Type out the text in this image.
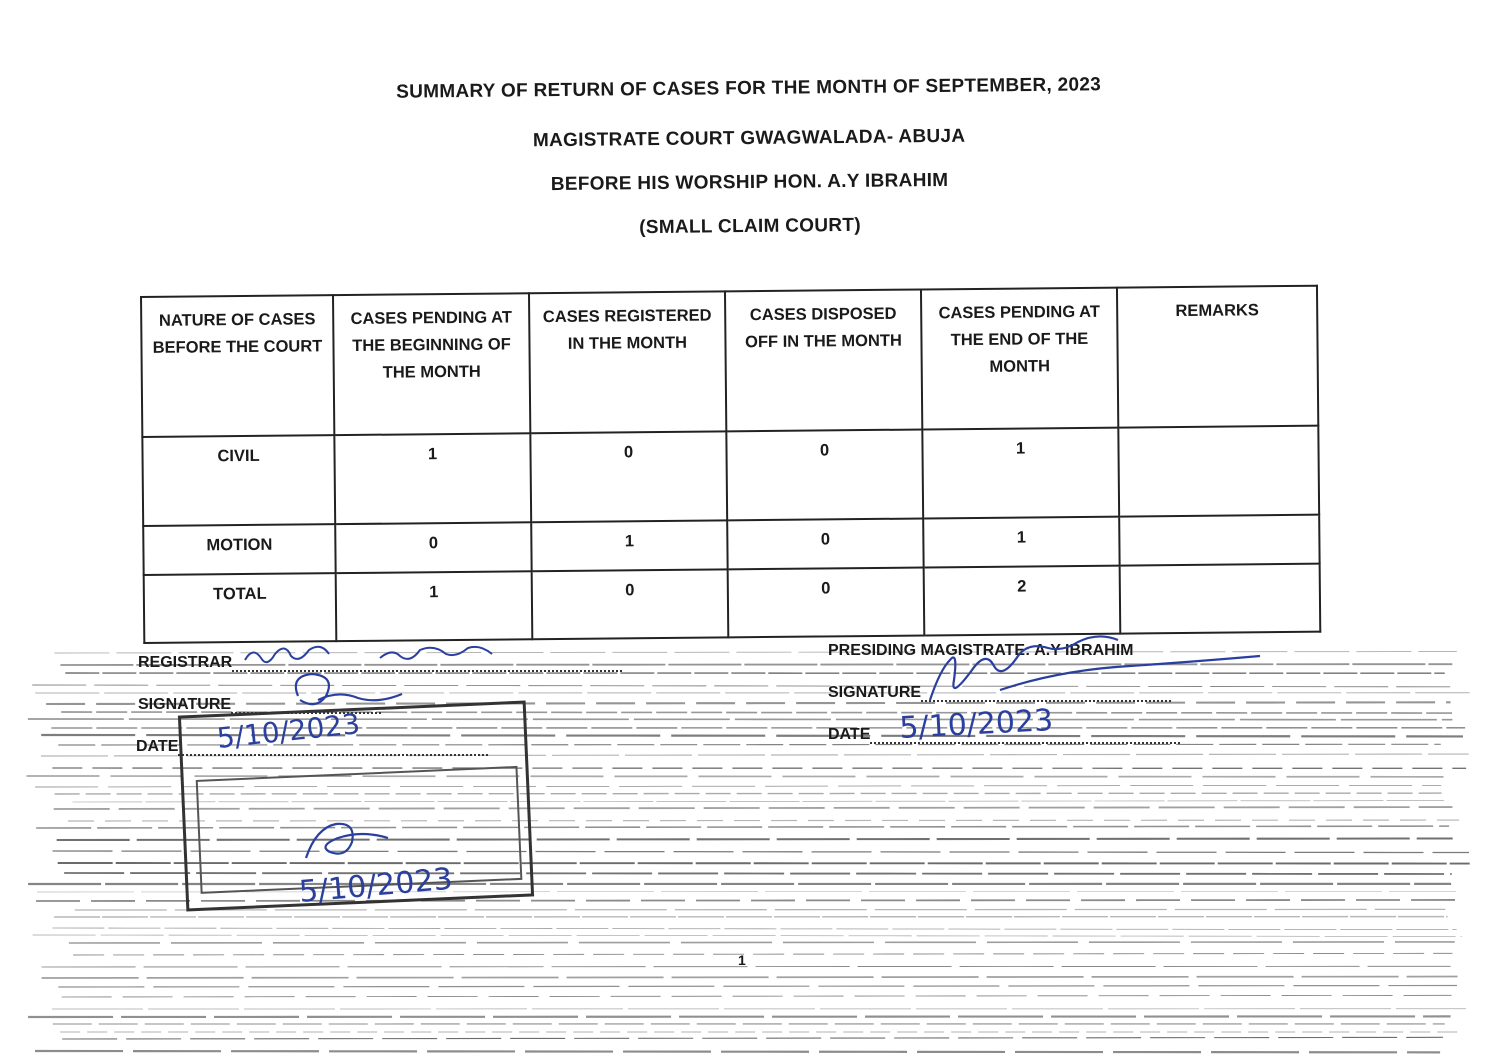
SUMMARY OF RETURN OF CASES FOR THE MONTH OF SEPTEMBER, 2023
MAGISTRATE COURT GWAGWALADA- ABUJA
BEFORE HIS WORSHIP HON. A.Y IBRAHIM
(SMALL CLAIM COURT)
NATURE OF CASES BEFORE THE COURT	CASES PENDING AT THE BEGINNING OF THE MONTH	CASES REGISTERED IN THE MONTH	CASES DISPOSED OFF IN THE MONTH	CASES PENDING AT THE END OF THE MONTH	REMARKS
CIVIL	1	0	0	1	
MOTION	0	1	0	1	
TOTAL	1	0	0	2	
REGISTRAR
SIGNATURE
DATE
PRESIDING MAGISTRATE: A.Y IBRAHIM
SIGNATURE
DATE
5/10/2023	5/10/2023
5/10/2023
1
